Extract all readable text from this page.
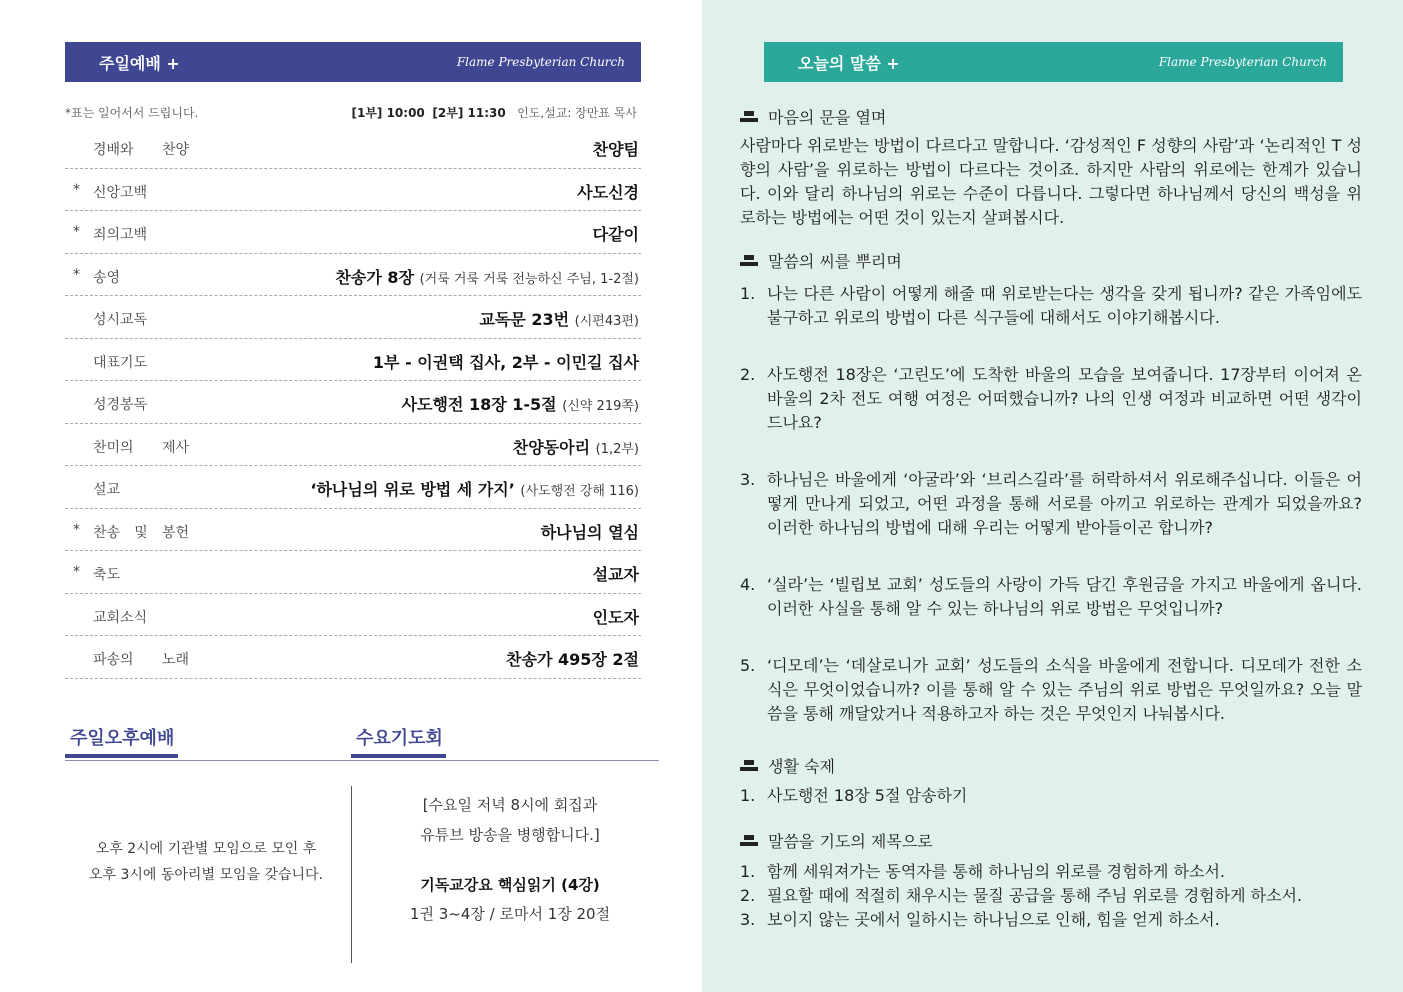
주일예배 +	Flame Presbyterian Church
*표는 일어서서 드립니다.	[1부] 10:00 [2부] 11:30 인도,설교: 장만표 목사
경배와 찬양	찬양팀
* 신앙고백	사도신경
* 죄의고백	다같이
* 송영	찬송가 8장 (거룩 거룩 거룩 전능하신 주님, 1-2절)
성시교독	교독문 23번 (시편43편)
대표기도	1부 - 이권택 집사, 2부 - 이민길 집사
성경봉독	사도행전 18장 1-5절 (신약 219쪽)
찬미의 제사	찬양동아리 (1,2부)
설교	‘하나님의 위로 방법 세 가지’ (사도행전 강해 116)
* 찬송 및 봉헌	하나님의 열심
* 축도	설교자
교회소식	인도자
파송의 노래	찬송가 495장 2절
주일오후예배	수요기도회
오후 2시에 기관별 모임으로 모인 후
오후 3시에 동아리별 모임을 갖습니다.
[수요일 저녁 8시에 회집과
유튜브 방송을 병행합니다.]
기독교강요 핵심읽기 (4강)
1권 3~4장 / 로마서 1장 20절
오늘의 말씀 +	Flame Presbyterian Church
마음의 문을 열며
사람마다 위로받는 방법이 다르다고 말합니다. ‘감성적인 F 성향의 사람’과 ‘논리적인 T 성향의 사람’을 위로하는 방법이 다르다는 것이죠. 하지만 사람의 위로에는 한계가 있습니다. 이와 달리 하나님의 위로는 수준이 다릅니다. 그렇다면 하나님께서 당신의 백성을 위로하는 방법에는 어떤 것이 있는지 살펴봅시다.
말씀의 씨를 뿌리며
1. 나는 다른 사람이 어떻게 해줄 때 위로받는다는 생각을 갖게 됩니까? 같은 가족임에도 불구하고 위로의 방법이 다른 식구들에 대해서도 이야기해봅시다.
2. 사도행전 18장은 ‘고린도’에 도착한 바울의 모습을 보여줍니다. 17장부터 이어져 온 바울의 2차 전도 여행 여정은 어떠했습니까? 나의 인생 여정과 비교하면 어떤 생각이 드나요?
3. 하나님은 바울에게 ‘아굴라’와 ‘브리스길라’를 허락하셔서 위로해주십니다. 이들은 어떻게 만나게 되었고, 어떤 과정을 통해 서로를 아끼고 위로하는 관계가 되었을까요? 이러한 하나님의 방법에 대해 우리는 어떻게 받아들이곤 합니까?
4. ‘실라’는 ‘빌립보 교회’ 성도들의 사랑이 가득 담긴 후원금을 가지고 바울에게 옵니다. 이러한 사실을 통해 알 수 있는 하나님의 위로 방법은 무엇입니까?
5. ‘디모데’는 ‘데살로니가 교회’ 성도들의 소식을 바울에게 전합니다. 디모데가 전한 소식은 무엇이었습니까? 이를 통해 알 수 있는 주님의 위로 방법은 무엇일까요? 오늘 말씀을 통해 깨달았거나 적용하고자 하는 것은 무엇인지 나눠봅시다.
생활 숙제
1. 사도행전 18장 5절 암송하기
말씀을 기도의 제목으로
1. 함께 세워져가는 동역자를 통해 하나님의 위로를 경험하게 하소서.
2. 필요할 때에 적절히 채우시는 물질 공급을 통해 주님 위로를 경험하게 하소서.
3. 보이지 않는 곳에서 일하시는 하나님으로 인해, 힘을 얻게 하소서.
